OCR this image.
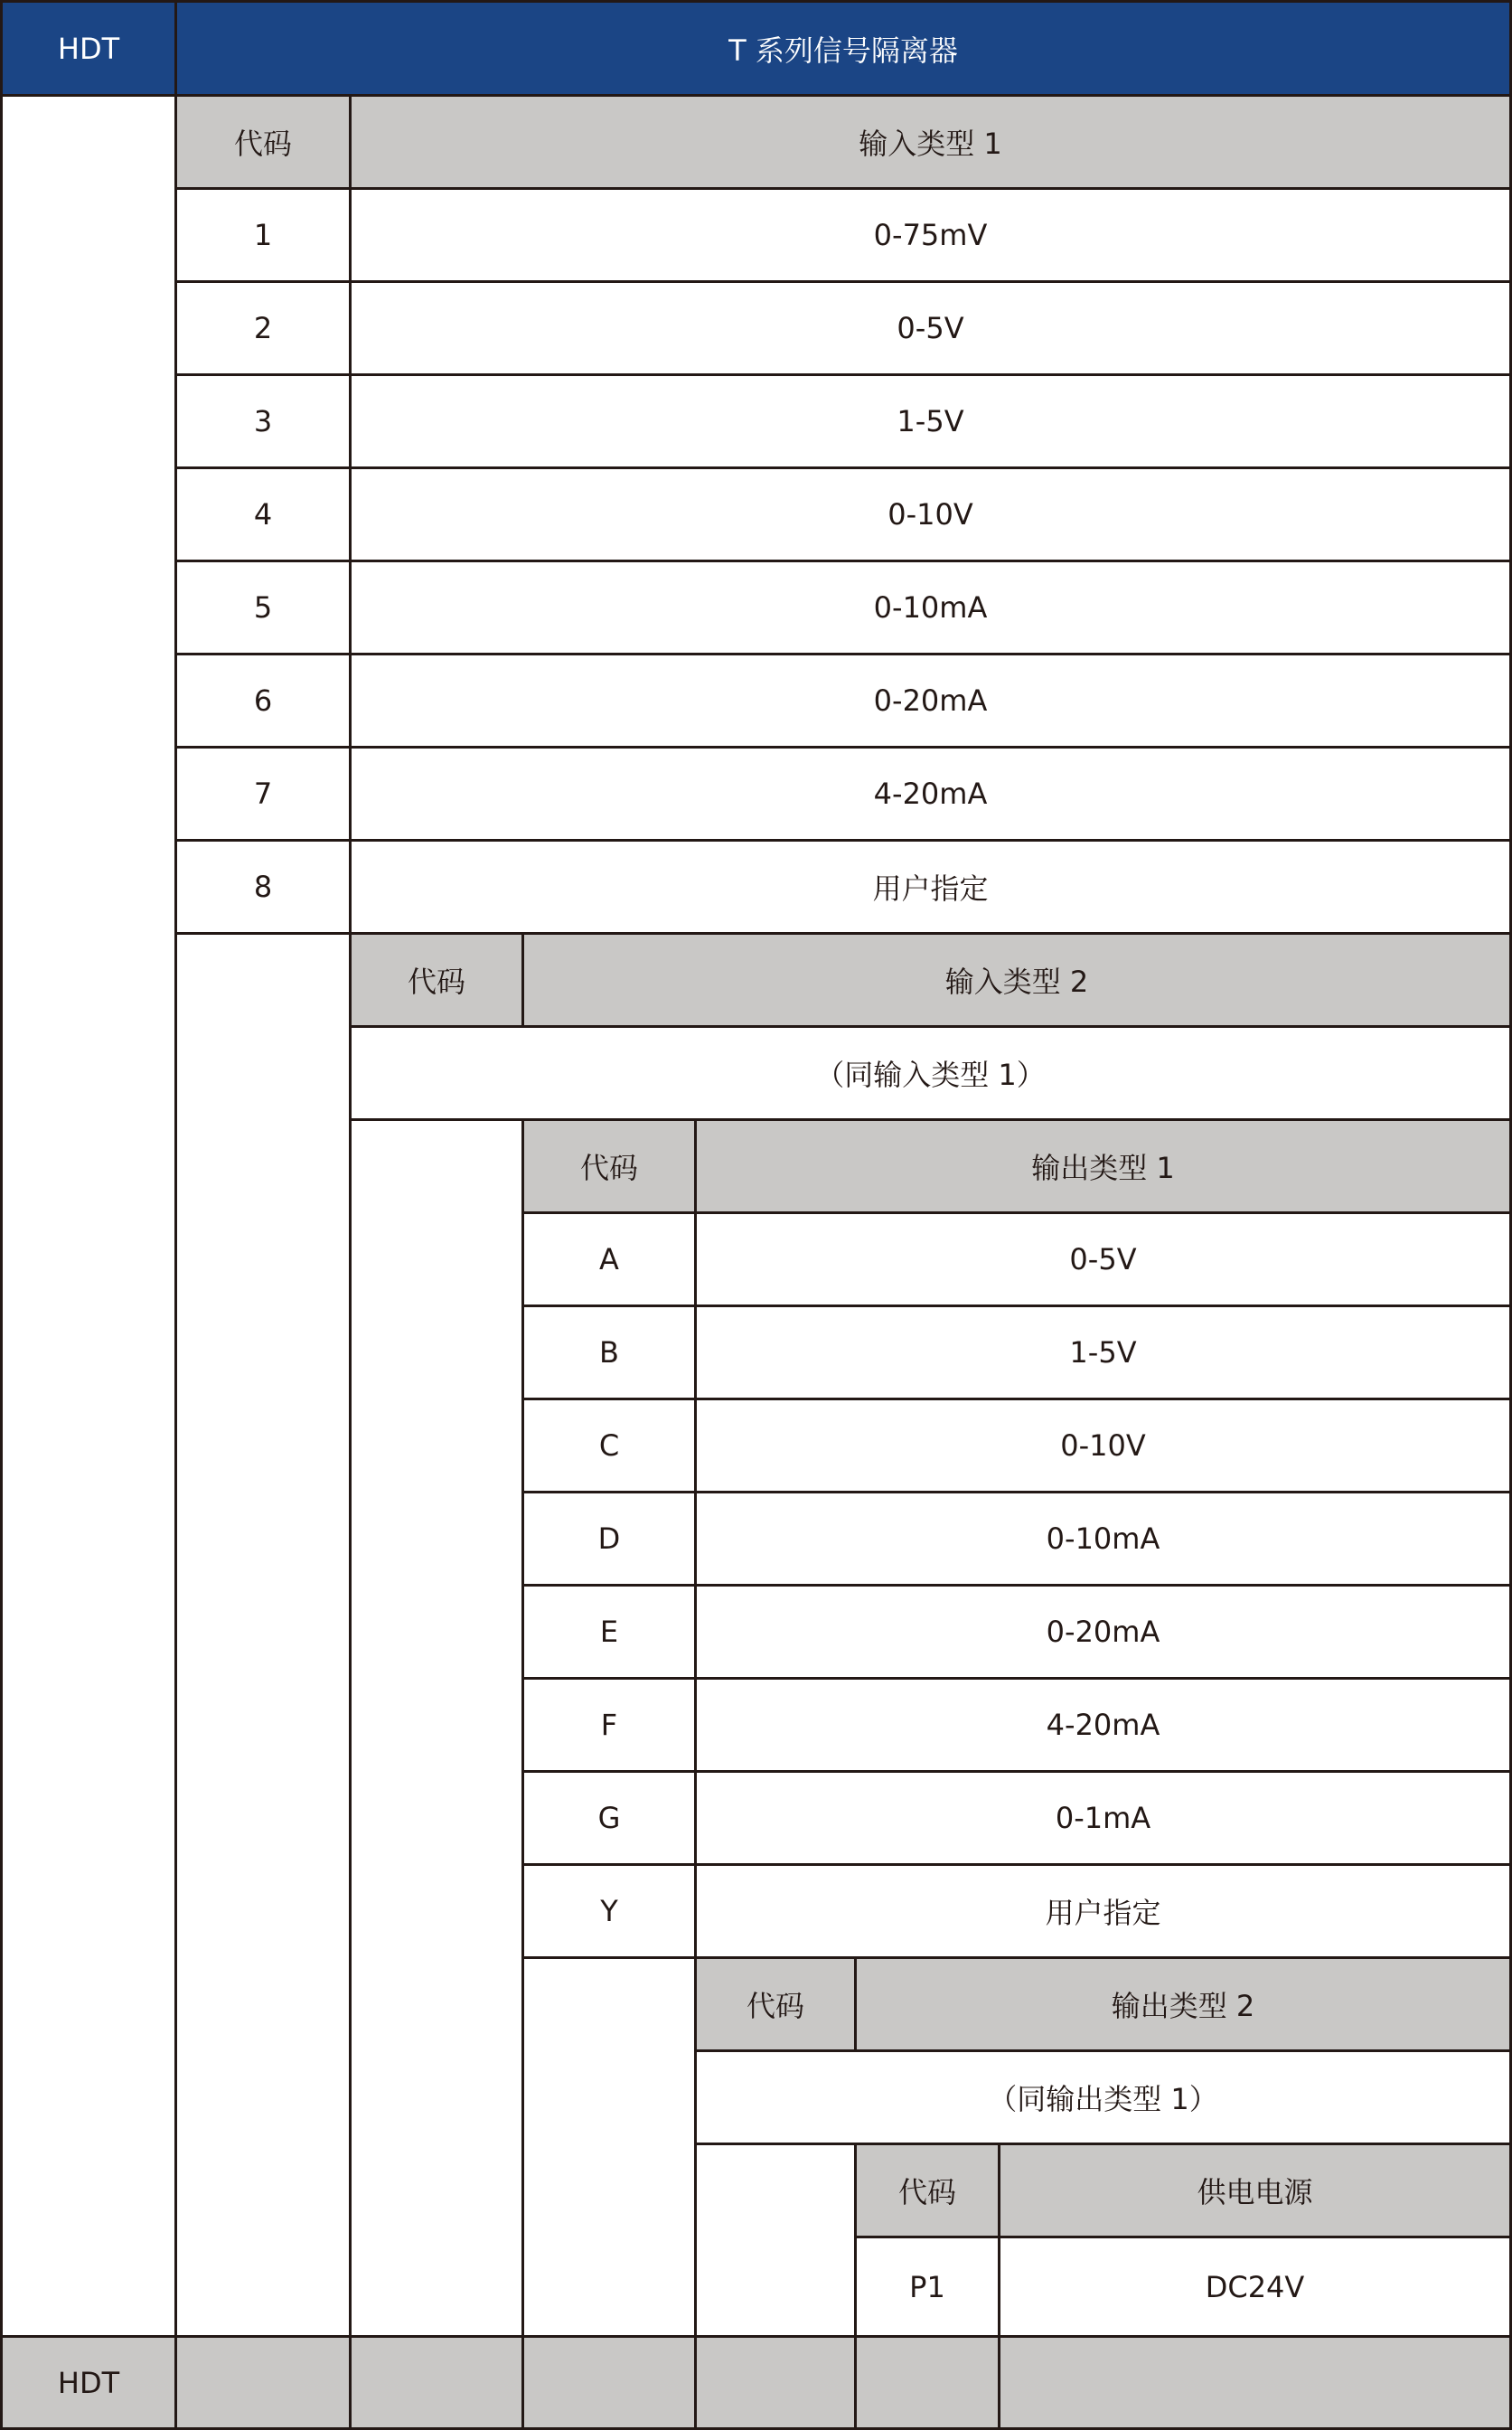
HDT	T 系列信号隔离器
代码	输入类型 1
1	0-75mV
2	0-5V
3	1-5V
4	0-10V
5	0-10mA
6	0-20mA
7	4-20mA
8	用户指定
代码	输入类型 2
（同输入类型 1）
代码	输出类型 1
A	0-5V
B	1-5V
C	0-10V
D	0-10mA
E	0-20mA
F	4-20mA
G	0-1mA
Y	用户指定
代码	输出类型 2
（同输出类型 1）
代码	供电电源
P1	DC24V
HDT
